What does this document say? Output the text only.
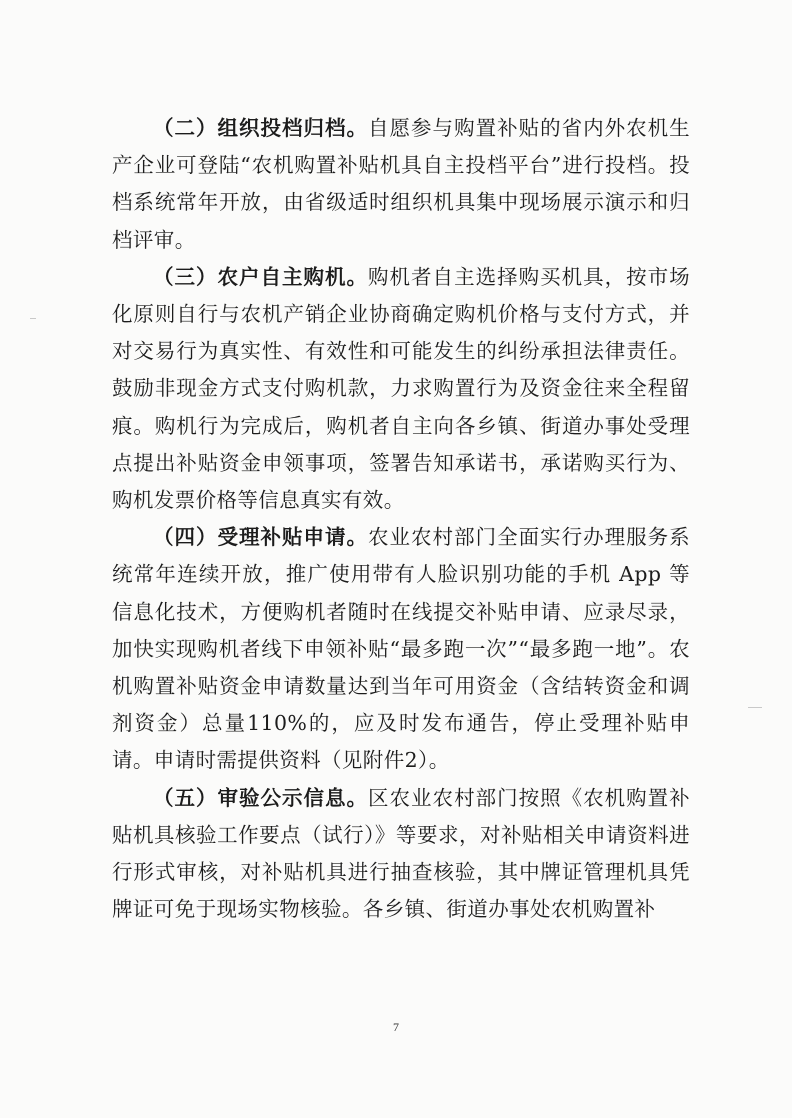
（二）组织投档归档。自愿参与购置补贴的省内外农机生产企业可登陆“农机购置补贴机具自主投档平台”进行投档。投档系统常年开放，由省级适时组织机具集中现场展示演示和归档评审。

（三）农户自主购机。购机者自主选择购买机具，按市场化原则自行与农机产销企业协商确定购机价格与支付方式，并对交易行为真实性、有效性和可能发生的纠纷承担法律责任。鼓励非现金方式支付购机款，力求购置行为及资金往来全程留痕。购机行为完成后，购机者自主向各乡镇、街道办事处受理点提出补贴资金申领事项，签署告知承诺书，承诺购买行为、购机发票价格等信息真实有效。

（四）受理补贴申请。农业农村部门全面实行办理服务系统常年连续开放，推广使用带有人脸识别功能的手机 App 等信息化技术，方便购机者随时在线提交补贴申请、应录尽录，加快实现购机者线下申领补贴“最多跑一次”“最多跑一地”。农机购置补贴资金申请数量达到当年可用资金（含结转资金和调剂资金）总量110%的，应及时发布通告，停止受理补贴申请。申请时需提供资料（见附件2）。

（五）审验公示信息。区农业农村部门按照《农机购置补贴机具核验工作要点（试行）》等要求，对补贴相关申请资料进行形式审核，对补贴机具进行抽查核验，其中牌证管理机具凭牌证可免于现场实物核验。各乡镇、街道办事处农机购置补

7
